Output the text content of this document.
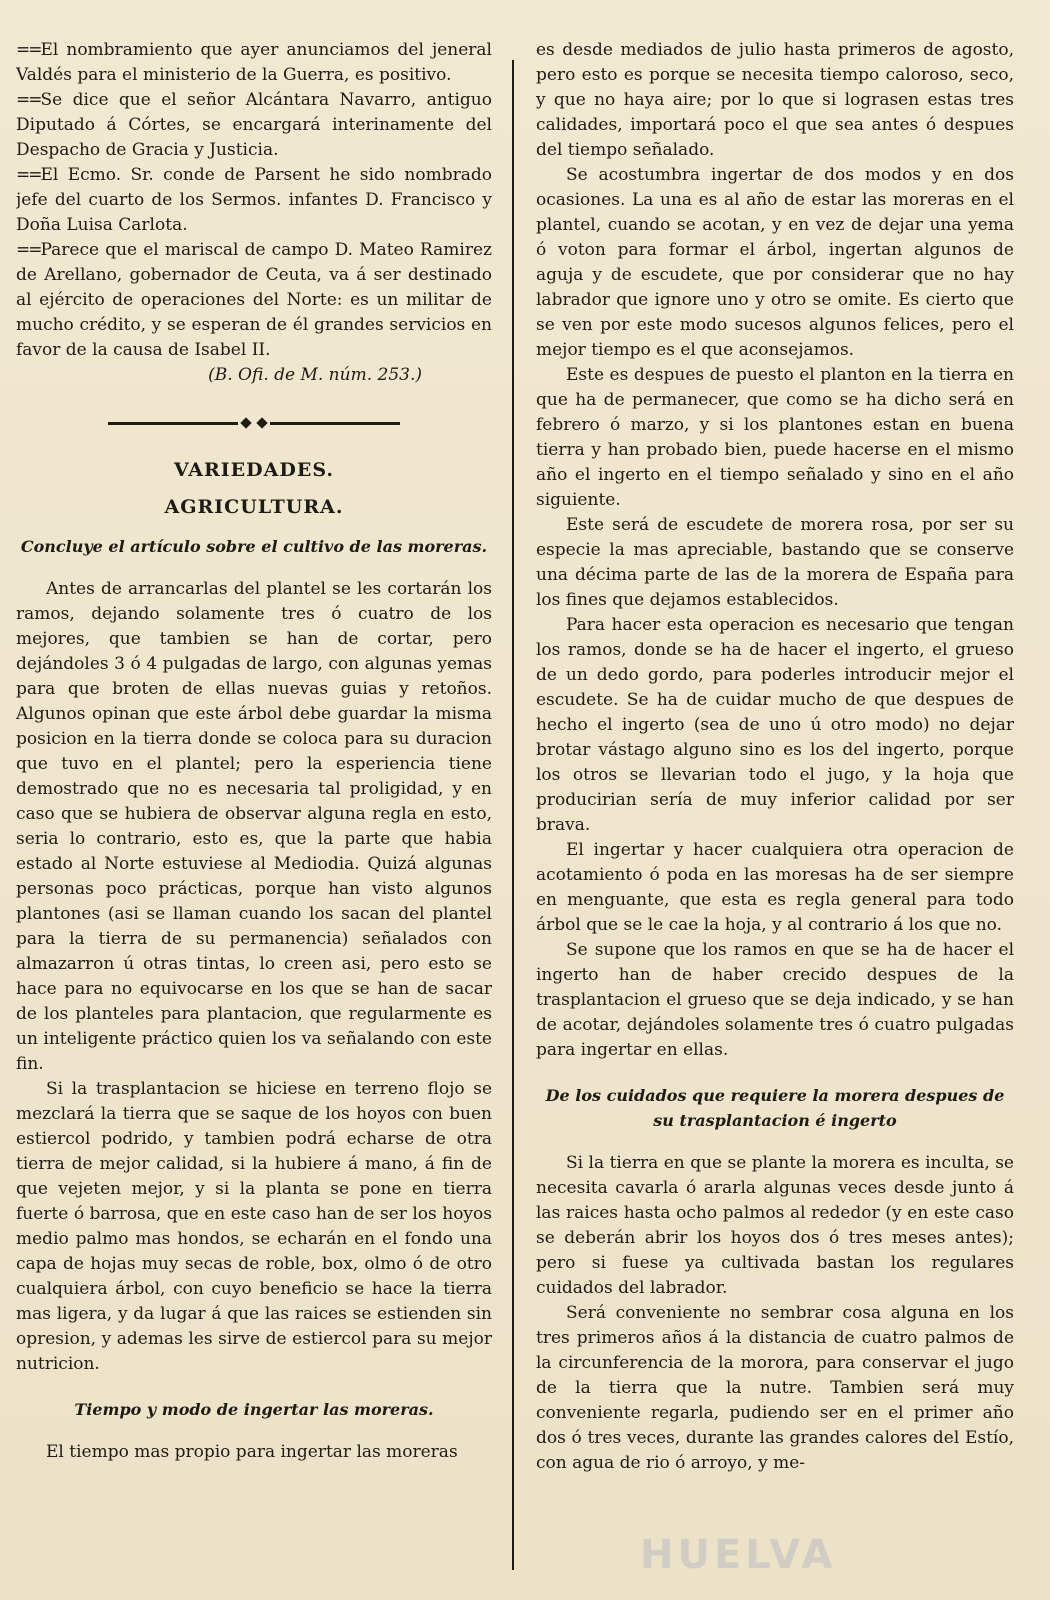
==El nombramiento que ayer anunciamos del jeneral Valdés para el ministerio de la Guerra, es positivo.

==Se dice que el señor Alcántara Navarro, antiguo Diputado á Córtes, se encargará interinamente del Despacho de Gracia y Justicia.

==El Ecmo. Sr. conde de Parsent he sido nombrado jefe del cuarto de los Sermos. infantes D. Francisco y Doña Luisa Carlota.

==Parece que el mariscal de campo D. Mateo Ramirez de Arellano, gobernador de Ceuta, va á ser destinado al ejército de operaciones del Norte: es un militar de mucho crédito, y se esperan de él grandes servicios en favor de la causa de Isabel II.

(B. Ofi. de M. núm. 253.)

VARIEDADES.
AGRICULTURA.
Concluye el artículo sobre el cultivo de las moreras.

Antes de arrancarlas del plantel se les cortarán los ramos, dejando solamente tres ó cuatro de los mejores, que tambien se han de cortar, pero dejándoles 3 ó 4 pulgadas de largo, con algunas yemas para que broten de ellas nuevas guias y retoños. Algunos opinan que este árbol debe guardar la misma posicion en la tierra donde se coloca para su duracion que tuvo en el plantel; pero la esperiencia tiene demostrado que no es necesaria tal proligidad, y en caso que se hubiera de observar alguna regla en esto, seria lo contrario, esto es, que la parte que habia estado al Norte estuviese al Mediodia. Quizá algunas personas poco prácticas, porque han visto algunos plantones (asi se llaman cuando los sacan del plantel para la tierra de su permanencia) señalados con almazarron ú otras tintas, lo creen asi, pero esto se hace para no equivocarse en los que se han de sacar de los planteles para plantacion, que regularmente es un inteligente práctico quien los va señalando con este fin.

Si la trasplantacion se hiciese en terreno flojo se mezclará la tierra que se saque de los hoyos con buen estiercol podrido, y tambien podrá echarse de otra tierra de mejor calidad, si la hubiere á mano, á fin de que vejeten mejor, y si la planta se pone en tierra fuerte ó barrosa, que en este caso han de ser los hoyos medio palmo mas hondos, se echarán en el fondo una capa de hojas muy secas de roble, box, olmo ó de otro cualquiera árbol, con cuyo beneficio se hace la tierra mas ligera, y da lugar á que las raices se estienden sin opresion, y ademas les sirve de estiercol para su mejor nutricion.

Tiempo y modo de ingertar las moreras.

El tiempo mas propio para ingertar las moreras

es desde mediados de julio hasta primeros de agosto, pero esto es porque se necesita tiempo caloroso, seco, y que no haya aire; por lo que si lograsen estas tres calidades, importará poco el que sea antes ó despues del tiempo señalado.

Se acostumbra ingertar de dos modos y en dos ocasiones. La una es al año de estar las moreras en el plantel, cuando se acotan, y en vez de dejar una yema ó voton para formar el árbol, ingertan algunos de aguja y de escudete, que por considerar que no hay labrador que ignore uno y otro se omite. Es cierto que se ven por este modo sucesos algunos felices, pero el mejor tiempo es el que aconsejamos.

Este es despues de puesto el planton en la tierra en que ha de permanecer, que como se ha dicho será en febrero ó marzo, y si los plantones estan en buena tierra y han probado bien, puede hacerse en el mismo año el ingerto en el tiempo señalado y sino en el año siguiente.

Este será de escudete de morera rosa, por ser su especie la mas apreciable, bastando que se conserve una décima parte de las de la morera de España para los fines que dejamos establecidos.

Para hacer esta operacion es necesario que tengan los ramos, donde se ha de hacer el ingerto, el grueso de un dedo gordo, para poderles introducir mejor el escudete. Se ha de cuidar mucho de que despues de hecho el ingerto (sea de uno ú otro modo) no dejar brotar vástago alguno sino es los del ingerto, porque los otros se llevarian todo el jugo, y la hoja que producirian sería de muy inferior calidad por ser brava.

El ingertar y hacer cualquiera otra operacion de acotamiento ó poda en las moresas ha de ser siempre en menguante, que esta es regla general para todo árbol que se le cae la hoja, y al contrario á los que no.

Se supone que los ramos en que se ha de hacer el ingerto han de haber crecido despues de la trasplantacion el grueso que se deja indicado, y se han de acotar, dejándoles solamente tres ó cuatro pulgadas para ingertar en ellas.

De los cuidados que requiere la morera despues de su trasplantacion é ingerto

Si la tierra en que se plante la morera es inculta, se necesita cavarla ó ararla algunas veces desde junto á las raices hasta ocho palmos al rededor (y en este caso se deberán abrir los hoyos dos ó tres meses antes); pero si fuese ya cultivada bastan los regulares cuidados del labrador.

Será conveniente no sembrar cosa alguna en los tres primeros años á la distancia de cuatro palmos de la circunferencia de la morora, para conservar el jugo de la tierra que la nutre. Tambien será muy conveniente regarla, pudiendo ser en el primer año dos ó tres veces, durante las grandes calores del Estío, con agua de rio ó arroyo, y me-

HUELVA
